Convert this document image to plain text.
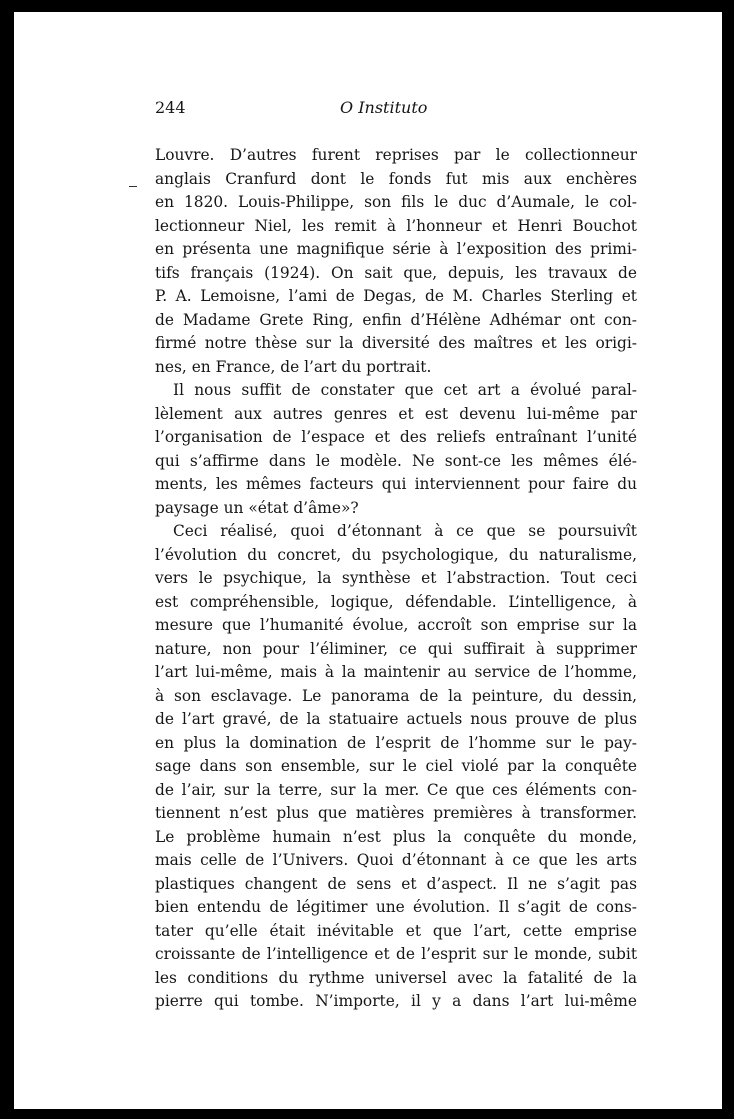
244	O Instituto
Louvre. D’autres furent reprises par le collectionneur
anglais Cranfurd dont le fonds fut mis aux enchères
en 1820. Louis-Philippe, son fils le duc d’Aumale, le col-
lectionneur Niel, les remit à l’honneur et Henri Bouchot
en présenta une magnifique série à l’exposition des primi-
tifs français (1924). On sait que, depuis, les travaux de
P. A. Lemoisne, l’ami de Degas, de M. Charles Sterling et
de Madame Grete Ring, enfin d’Hélène Adhémar ont con-
firmé notre thèse sur la diversité des maîtres et les origi-
nes, en France, de l’art du portrait.
Il nous suffit de constater que cet art a évolué paral-
lèlement aux autres genres et est devenu lui-même par
l’organisation de l’espace et des reliefs entraînant l’unité
qui s’affirme dans le modèle. Ne sont-ce les mêmes élé-
ments, les mêmes facteurs qui interviennent pour faire du
paysage un «état d’âme»?
Ceci réalisé, quoi d’étonnant à ce que se poursuivît
l’évolution du concret, du psychologique, du naturalisme,
vers le psychique, la synthèse et l’abstraction. Tout ceci
est compréhensible, logique, défendable. L’intelligence, à
mesure que l’humanité évolue, accroît son emprise sur la
nature, non pour l’éliminer, ce qui suffirait à supprimer
l’art lui-même, mais à la maintenir au service de l’homme,
à son esclavage. Le panorama de la peinture, du dessin,
de l’art gravé, de la statuaire actuels nous prouve de plus
en plus la domination de l’esprit de l’homme sur le pay-
sage dans son ensemble, sur le ciel violé par la conquête
de l’air, sur la terre, sur la mer. Ce que ces éléments con-
tiennent n’est plus que matières premières à transformer.
Le problème humain n’est plus la conquête du monde,
mais celle de l’Univers. Quoi d’étonnant à ce que les arts
plastiques changent de sens et d’aspect. Il ne s’agit pas
bien entendu de légitimer une évolution. Il s’agit de cons-
tater qu’elle était inévitable et que l’art, cette emprise
croissante de l’intelligence et de l’esprit sur le monde, subit
les conditions du rythme universel avec la fatalité de la
pierre qui tombe. N’importe, il y a dans l’art lui-même
